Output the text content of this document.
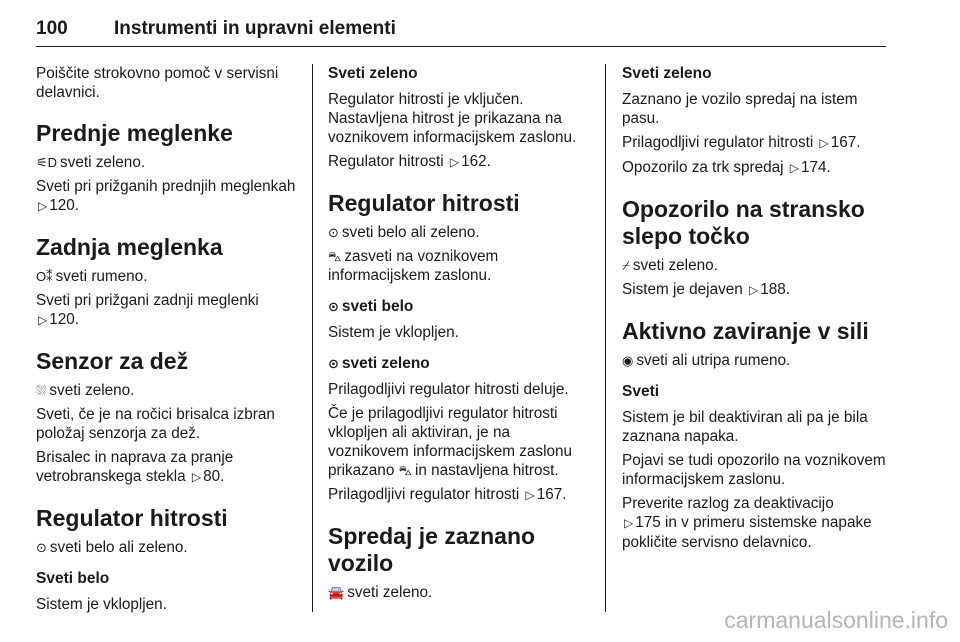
100 Instrumenti in upravni elementi

Poiščite strokovno pomoč v servisni delavnici.

Prednje meglenke

⚟D sveti zeleno.

Sveti pri prižganih prednjih meglenkah ▷ 120.

Zadnja meglenka

O⁑ sveti rumeno.

Sveti pri prižgani zadnji meglenki
▷ 120.

Senzor za dež

⛆ sveti zeleno.

Sveti, če je na ročici brisalca izbran položaj senzorja za dež.

Brisalec in naprava za pranje vetrobranskega stekla ▷ 80.

Regulator hitrosti

⊙ sveti belo ali zeleno.

Sveti belo

Sistem je vklopljen.

Sveti zeleno

Regulator hitrosti je vključen. Nastavljena hitrost je prikazana na voznikovem informacijskem zaslonu.

Regulator hitrosti ▷ 162.

Regulator hitrosti

⊙ sveti belo ali zeleno.

⛍ zasveti na voznikovem informacijskem zaslonu.

⊙ sveti belo

Sistem je vklopljen.

⊙ sveti zeleno

Prilagodljivi regulator hitrosti deluje.

Če je prilagodljivi regulator hitrosti vklopljen ali aktiviran, je na voznikovem informacijskem zaslonu prikazano ⛍ in nastavljena hitrost.

Prilagodljivi regulator hitrosti ▷ 167.

Spredaj je zaznano vozilo

🚘 sveti zeleno.

Sveti zeleno

Zaznano je vozilo spredaj na istem pasu.

Prilagodljivi regulator hitrosti ▷ 167.

Opozorilo za trk spredaj ▷ 174.

Opozorilo na stransko slepo točko

⌿ sveti zeleno.

Sistem je dejaven ▷ 188.

Aktivno zaviranje v sili

◉ sveti ali utripa rumeno.

Sveti

Sistem je bil deaktiviran ali pa je bila zaznana napaka.

Pojavi se tudi opozorilo na voznikovem informacijskem zaslonu.

Preverite razlog za deaktivacijo
▷ 175 in v primeru sistemske napake pokličite servisno delavnico.

carmanualsonline.info
